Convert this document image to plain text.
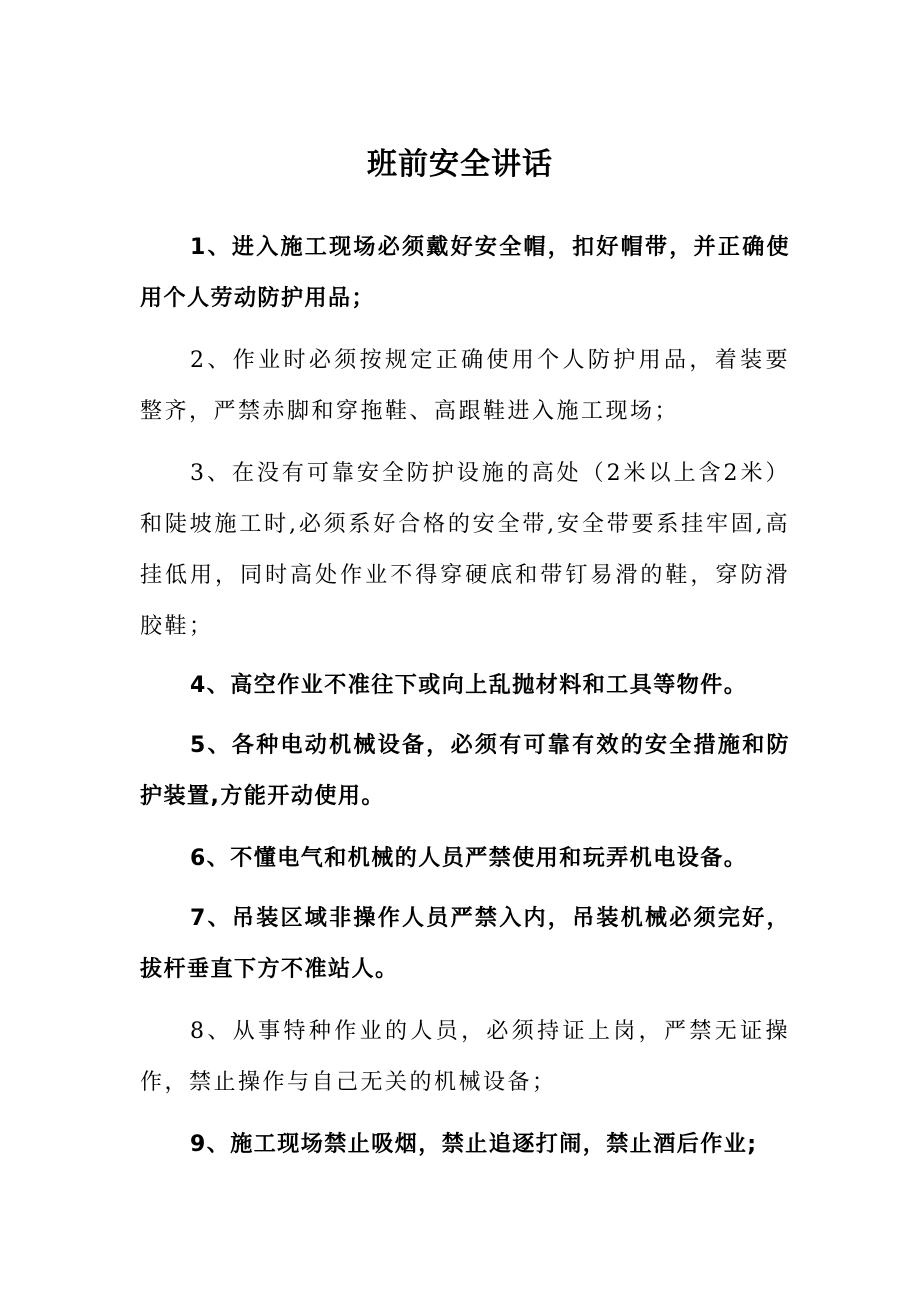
班前安全讲话
1、进入施工现场必须戴好安全帽，扣好帽带，并正确使用个人劳动防护用品；
2、作业时必须按规定正确使用个人防护用品，着装要整齐，严禁赤脚和穿拖鞋、高跟鞋进入施工现场；
3、在没有可靠安全防护设施的高处（2米以上含2米）和陡坡施工时,必须系好合格的安全带,安全带要系挂牢固,高挂低用，同时高处作业不得穿硬底和带钉易滑的鞋，穿防滑胶鞋；
4、高空作业不准往下或向上乱抛材料和工具等物件。
5、各种电动机械设备，必须有可靠有效的安全措施和防护装置,方能开动使用。
6、不懂电气和机械的人员严禁使用和玩弄机电设备。
7、吊装区域非操作人员严禁入内，吊装机械必须完好，拔杆垂直下方不准站人。
8、从事特种作业的人员，必须持证上岗，严禁无证操作，禁止操作与自己无关的机械设备；
9、施工现场禁止吸烟，禁止追逐打闹，禁止酒后作业;
